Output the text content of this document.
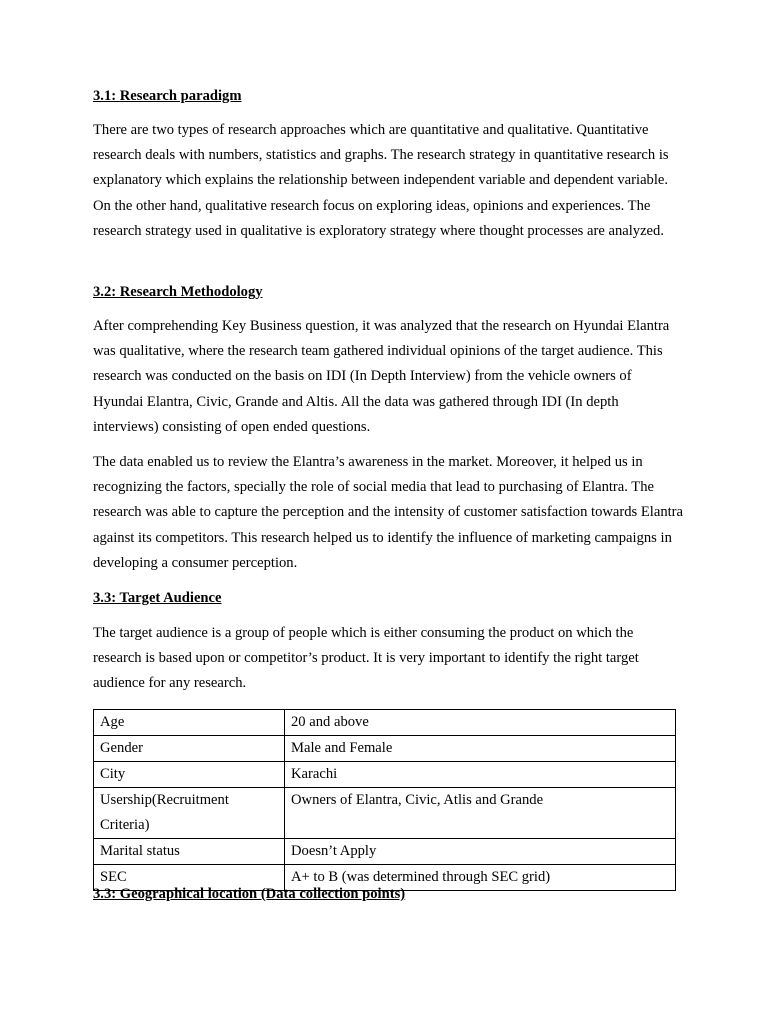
3.1: Research paradigm

There are two types of research approaches which are quantitative and qualitative. Quantitative research deals with numbers, statistics and graphs. The research strategy in quantitative research is explanatory which explains the relationship between independent variable and dependent variable. On the other hand, qualitative research focus on exploring ideas, opinions and experiences. The research strategy used in qualitative is exploratory strategy where thought processes are analyzed.

3.2: Research Methodology

After comprehending Key Business question, it was analyzed that the research on Hyundai Elantra was qualitative, where the research team gathered individual opinions of the target audience. This research was conducted on the basis on IDI (In Depth Interview) from the vehicle owners of Hyundai Elantra, Civic, Grande and Altis. All the data was gathered through IDI (In depth interviews) consisting of open ended questions.

The data enabled us to review the Elantra’s awareness in the market. Moreover, it helped us in recognizing the factors, specially the role of social media that lead to purchasing of Elantra. The research was able to capture the perception and the intensity of customer satisfaction towards Elantra against its competitors. This research helped us to identify the influence of marketing campaigns in developing a consumer perception.

3.3: Target Audience

The target audience is a group of people which is either consuming the product on which the research is based upon or competitor’s product. It is very important to identify the right target audience for any research.

Age	20 and above
Gender	Male and Female
City	Karachi
Usership(Recruitment Criteria)	Owners of Elantra, Civic, Atlis and Grande
Marital status	Doesn’t Apply
SEC	A+ to B (was determined through SEC grid)
3.3: Geographical location (Data collection points)
